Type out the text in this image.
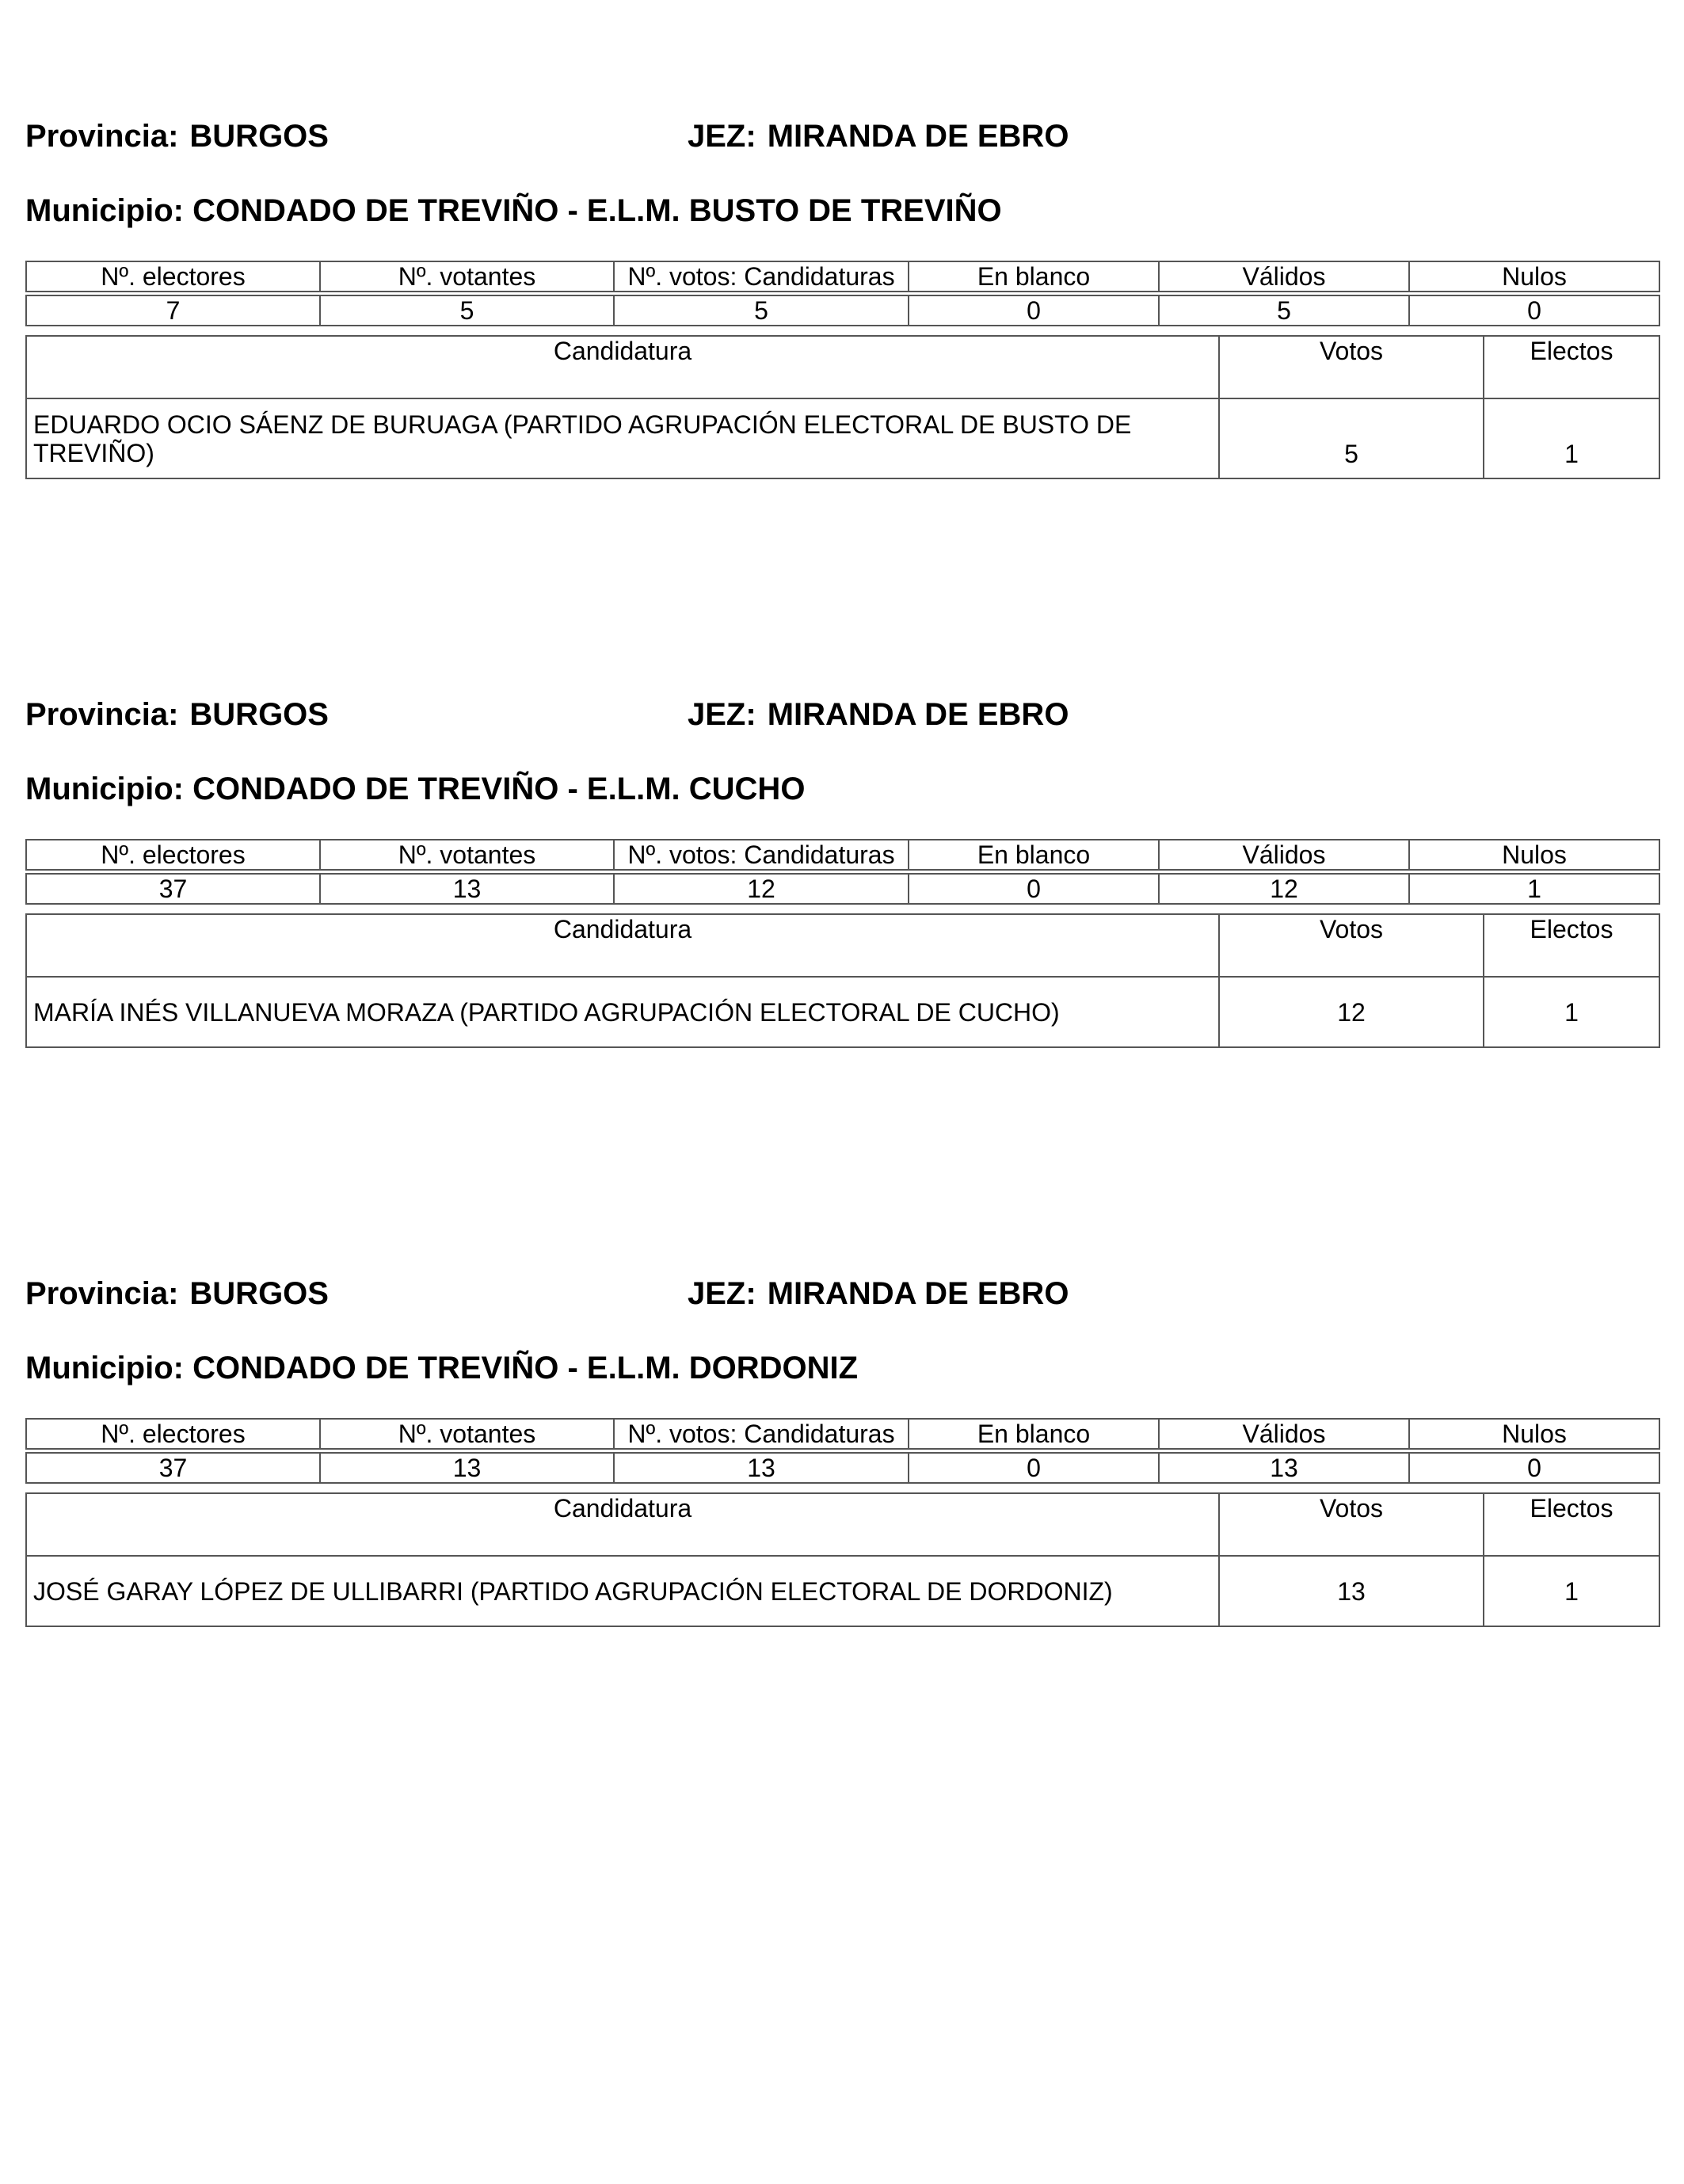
Provincia: BURGOS	JEZ: MIRANDA DE EBRO
Municipio: CONDADO DE TREVIÑO - E.L.M. BUSTO DE TREVIÑO
Nº. electores	Nº. votantes	Nº. votos: Candidaturas	En blanco	Válidos	Nulos

7	5	5	0	5	0
Candidatura	Votos	Electos
EDUARDO OCIO SÁENZ DE BURUAGA (PARTIDO AGRUPACIÓN ELECTORAL DE BUSTO DE TREVIÑO)	5	1
Provincia: BURGOS	JEZ: MIRANDA DE EBRO
Municipio: CONDADO DE TREVIÑO - E.L.M. CUCHO
Nº. electores	Nº. votantes	Nº. votos: Candidaturas	En blanco	Válidos	Nulos

37	13	12	0	12	1
Candidatura	Votos	Electos
MARÍA INÉS VILLANUEVA MORAZA (PARTIDO AGRUPACIÓN ELECTORAL DE CUCHO)	12	1
Provincia: BURGOS	JEZ: MIRANDA DE EBRO
Municipio: CONDADO DE TREVIÑO - E.L.M. DORDONIZ
Nº. electores	Nº. votantes	Nº. votos: Candidaturas	En blanco	Válidos	Nulos

37	13	13	0	13	0
Candidatura	Votos	Electos
JOSÉ GARAY LÓPEZ DE ULLIBARRI (PARTIDO AGRUPACIÓN ELECTORAL DE DORDONIZ)	13	1
